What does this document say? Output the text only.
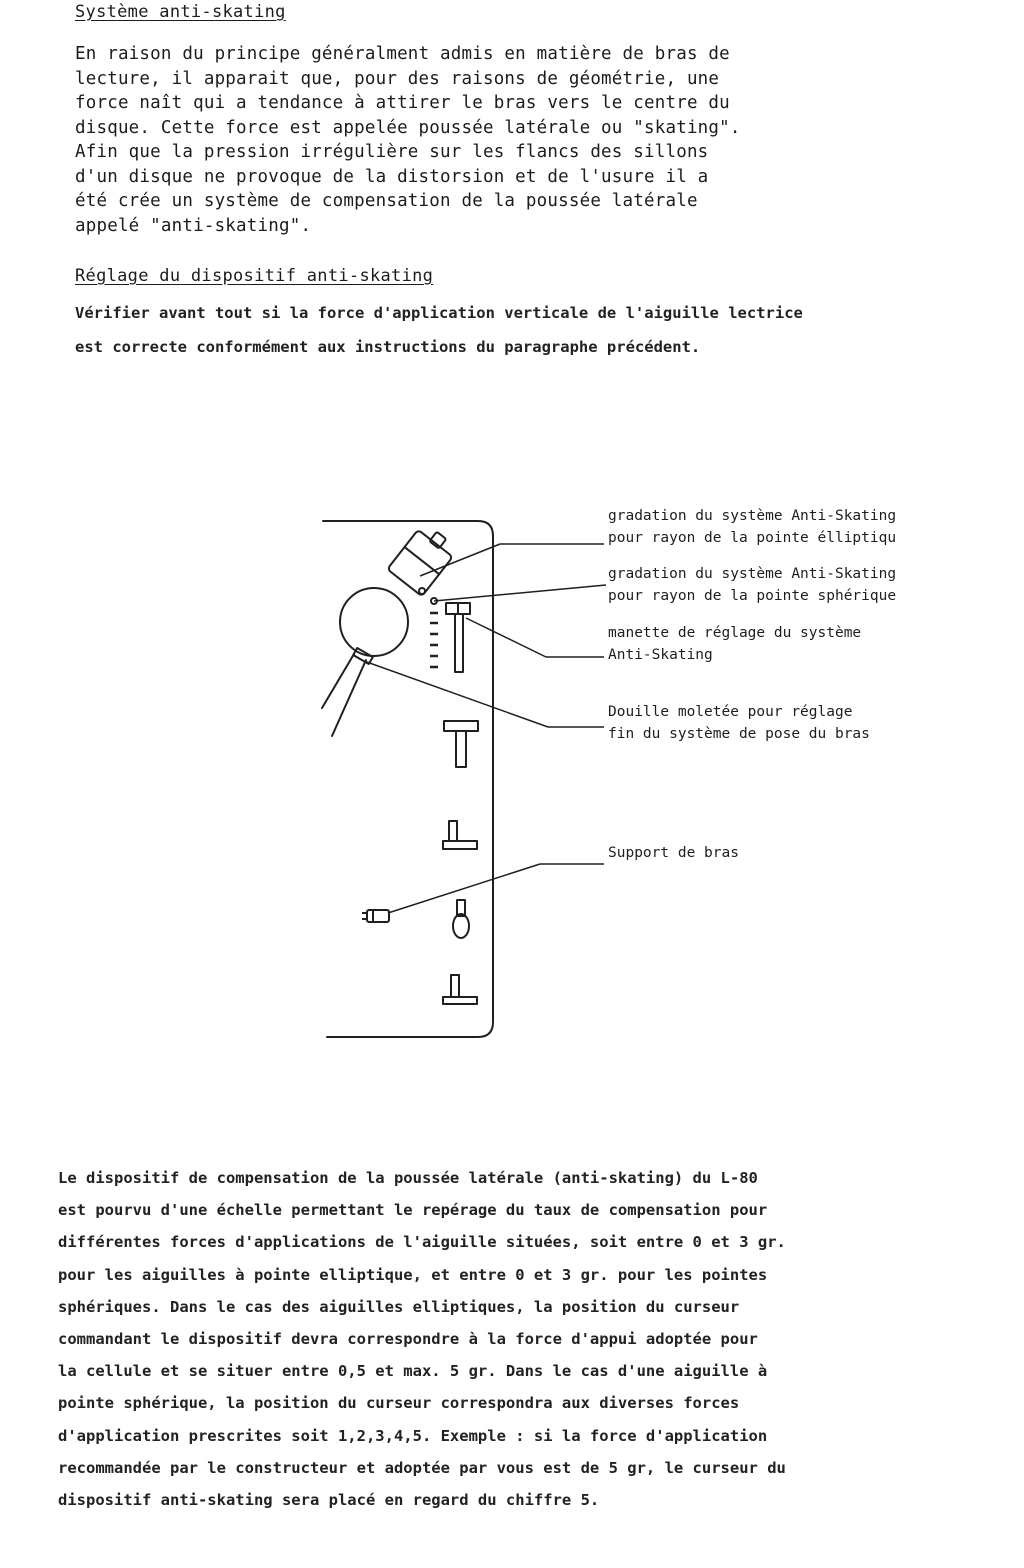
Système anti-skating

En raison du principe généralment admis en matière de bras de
lecture, il apparait que, pour des raisons de géométrie, une
force naît qui a tendance à attirer le bras vers le centre du
disque. Cette force est appelée poussée latérale ou "skating".
Afin que la pression irrégulière sur les flancs des sillons
d'un disque ne provoque de la distorsion et de l'usure il a
été crée un système de compensation de la poussée latérale
appelé "anti-skating".

Réglage du dispositif anti-skating

Vérifier avant tout si la force d'application verticale de l'aiguille lectrice
est correcte conformément aux instructions du paragraphe précédent.

gradation du système Anti-Skating
pour rayon de la pointe élliptiqu
gradation du système Anti-Skating
pour rayon de la pointe sphérique
manette de réglage du système
Anti-Skating
Douille moletée pour réglage
fin du système de pose du bras
Support de bras

Le dispositif de compensation de la poussée latérale (anti-skating) du L-80
est pourvu d'une échelle permettant le repérage du taux de compensation pour
différentes forces d'applications de l'aiguille situées, soit entre 0 et 3 gr.
pour les aiguilles à pointe elliptique, et entre 0 et 3 gr. pour les pointes
sphériques. Dans le cas des aiguilles elliptiques, la position du curseur
commandant le dispositif devra correspondre à la force d'appui adoptée pour
la cellule et se situer entre 0,5 et max. 5 gr. Dans le cas d'une aiguille à
pointe sphérique, la position du curseur correspondra aux diverses forces
d'application prescrites soit 1,2,3,4,5. Exemple : si la force d'application
recommandée par le constructeur et adoptée par vous est de 5 gr, le curseur du
dispositif anti-skating sera placé en regard du chiffre 5.
